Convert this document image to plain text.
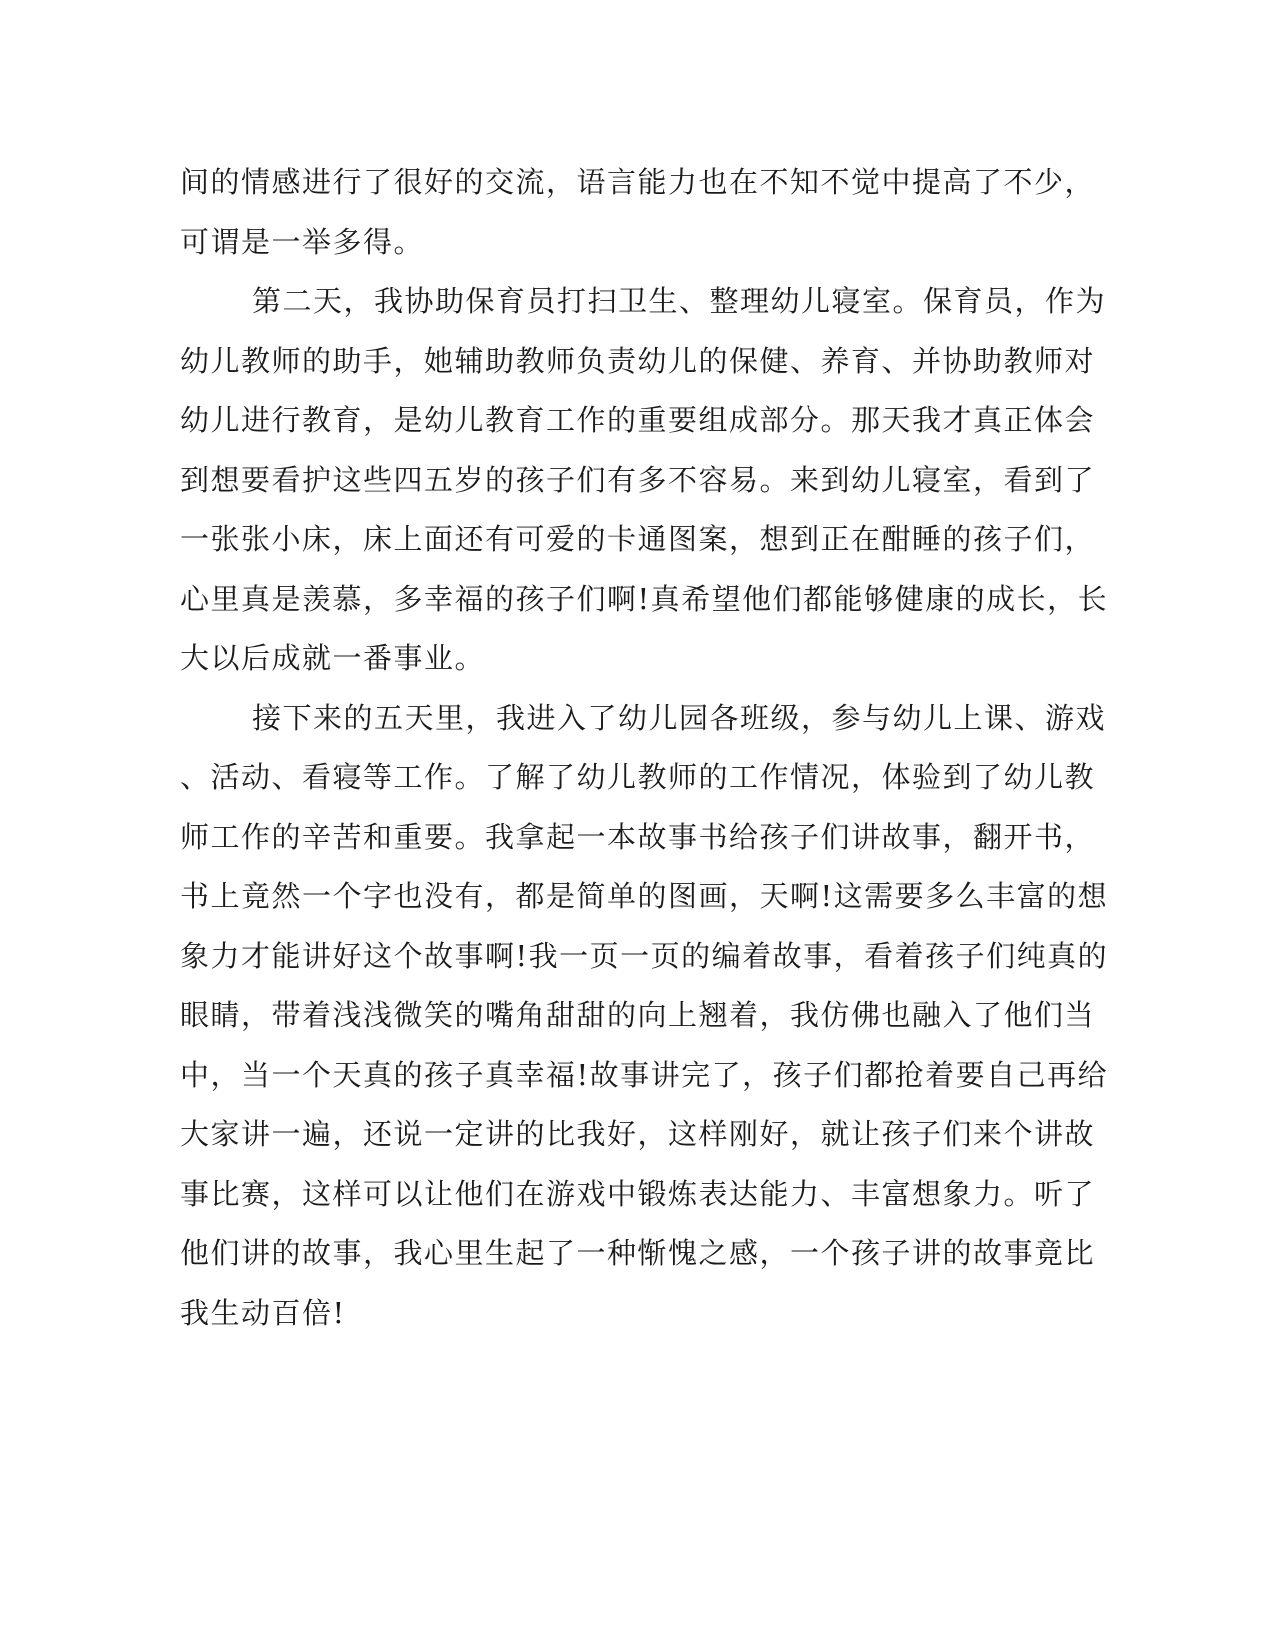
间的情感进行了很好的交流，语言能力也在不知不觉中提高了不少，
可谓是一举多得。
第二天，我协助保育员打扫卫生、整理幼儿寝室。保育员，作为
幼儿教师的助手，她辅助教师负责幼儿的保健、养育、并协助教师对
幼儿进行教育，是幼儿教育工作的重要组成部分。那天我才真正体会
到想要看护这些四五岁的孩子们有多不容易。来到幼儿寝室，看到了
一张张小床，床上面还有可爱的卡通图案，想到正在酣睡的孩子们，
心里真是羡慕，多幸福的孩子们啊!真希望他们都能够健康的成长，长
大以后成就一番事业。
接下来的五天里，我进入了幼儿园各班级，参与幼儿上课、游戏
、活动、看寝等工作。了解了幼儿教师的工作情况，体验到了幼儿教
师工作的辛苦和重要。我拿起一本故事书给孩子们讲故事，翻开书，
书上竟然一个字也没有，都是简单的图画，天啊!这需要多么丰富的想
象力才能讲好这个故事啊!我一页一页的编着故事，看着孩子们纯真的
眼睛，带着浅浅微笑的嘴角甜甜的向上翘着，我仿佛也融入了他们当
中，当一个天真的孩子真幸福!故事讲完了，孩子们都抢着要自己再给
大家讲一遍，还说一定讲的比我好，这样刚好，就让孩子们来个讲故
事比赛，这样可以让他们在游戏中锻炼表达能力、丰富想象力。听了
他们讲的故事，我心里生起了一种惭愧之感，一个孩子讲的故事竟比
我生动百倍!
